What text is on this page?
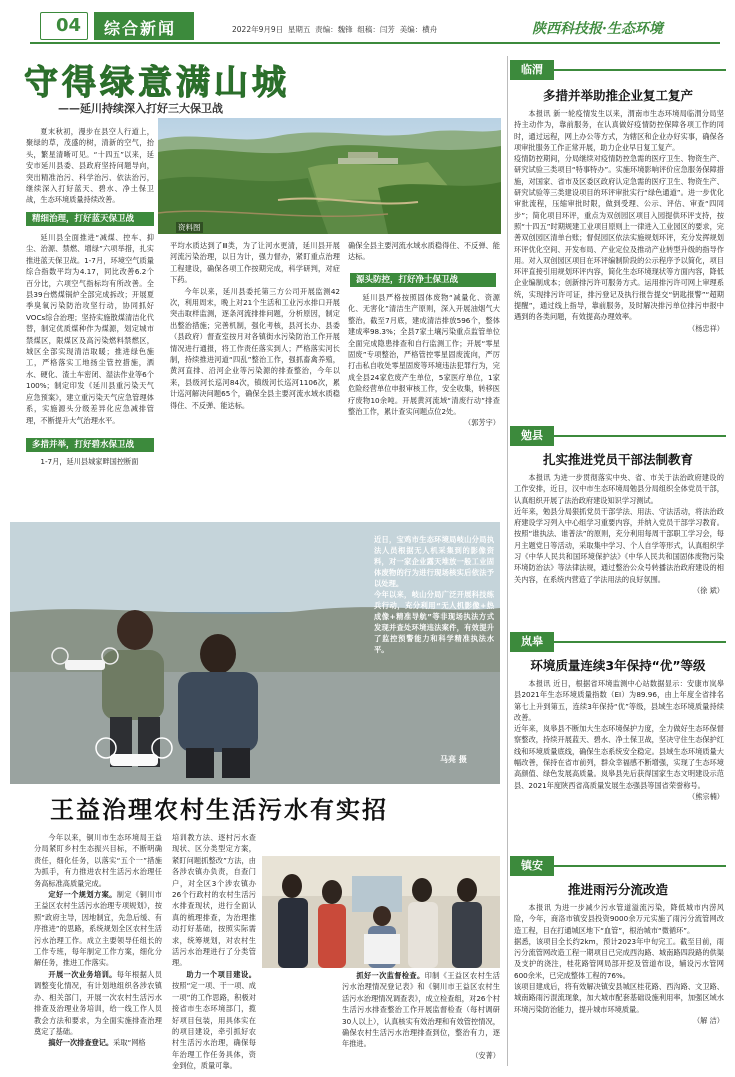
04 综合新闻	2022年9月9日  星期五  责编：魏锋  组稿：闫芳  美编：横舟	陕西科技报·生态环境
守得绿意满山城
——延川持续深入打好三大保卫战
资料图

夏末秋初，漫步在县空人行道上，聚绿的草，茂盛的树，清新的空气，抬头，繁星清晰可见。“十四五”以来，延安市延川县委、县政府坚持问题导向，突出精准治污、科学治污、依法治污，继续深入打好蓝天、碧水、净土保卫战，生态环境质量持续改善。

精细治理，打好蓝天保卫战

延川县全面推进“减煤、控车、抑尘、治源、禁燃、增绿”六项举措，扎实推进蓝天保卫战。1-7月，环境空气质量综合指数平均为4.17，同比改善6.2个百分比，六项空气指标均有所改善。全县39台燃煤锅炉全部完成拆改；开展夏季臭氧污染防治攻坚行动，协同抓好VOCs综合治理；坚持实施散煤清洁化代替，制定优质煤种作为煤源，划定城市禁煤区，限煤区及高污染燃料禁燃区，城区全部实现清洁取暖；推进绿色施工，严格落实工地扬尘管控措施，洒水、硬化、渣土车密闭、湿法作业等6个100%；制定印发《延川县重污染天气应急预案》，建立重污染天气应急管理体系，实施源头分级差异化应急减排管理，不断提升大气治理水平。

多措并举，打好碧水保卫战

1-7月，延川县城家畔国控断面

平均水质达到了Ⅲ类，为了让河水更清，延川县开展河流污染治理，以日为计，强力督办，紧盯重点治理工程建设，确保各项工作按期完成，科学研判，对症下药。

今年以来，延川县委托第三方公司开展监测42次，利用周末，晚上对21个生活和工业污水排口开展突击取样监测，逐条河流排排问题，分析原因，制定出整治措施；完善机制，强化考核，县河长办、县委（县政府）督查室按月对各镇街水污染防治工作开展情况进行通报，将工作责任落实到人；严格落实河长制，持续推进河道“四乱”整治工作，强抓畜禽养殖，黄河直排、沿河企业等污染源的排查整治，今年以来，县级河长巡河84次，镇级河长巡河1106次，累计巡河解决问题65个，确保全县主要河流水域水质稳得住、不反弹、能达标。

确保全县主要河流水域水质稳得住、不反弹、能达标。

源头防控，打好净土保卫战

延川县严格按照固体废物“减量化、资源化、无害化”清洁生产原则，深入开展油烟气大整治，截至7月底，建成清洁排放596个，整体建成率98.3%；全县7家土壤污染重点监管单位全面完成隐患排查和自行监测工作；开展“零星固废”专项整治，严格管控零星固废流向，严厉打击私自收处零星固废等环境违法犯罪行为，完成全县24家危废产生单位，5家医疗单位，1家危险经营单位申报审核工作，安全收集，转移医疗废物10余吨。开展黄河流域“清废行动”排查整治工作，累计查实问题点位2处。

（郭芳宇）
近日，宝鸡市生态环境局岐山分局执法人员根据无人机采集到的影像资料，对一家企业露天堆放一般工业固体废物的行为进行现场核实后依法予以处理。
今年以来，岐山分局广泛开展科技练兵行动，充分利用“无人机影像+热成像+精准导航”等非现场执法方式发现并查处环境违法案件，有效提升了监控预警能力和科学精准执法水平。
马亮 摄
王益治理农村生活污水有实招

今年以来，铜川市生态环境局王益分局紧盯乡村生态振兴目标，不断明确责任，细化任务，以落实“五个一”措施为抓手，有力推进农村生活污水治理任务高标准高质量完成。

定好一个规划方案。制定《铜川市王益区农村生活污水治理专项规划》，按照“政府主导，因地制宜，先急后缓、有序推进”的思路，系统规划全区农村生活污水治理工作。成立主要领导任组长的工作专班，每年制定工作方案，细化分解任务，推进工作落实。

开展一次业务培训。每年根据人员调整变化情况，有计划地组织各涉农镇办、相关部门，开展一次农村生活污水排查及治理业务培训，给一线工作人员教会方法和要求，为全面实施排查治理奠定了基础。

搞好一次排查登记。采取“网格

培训教方法、逐村污水查现状、区分类型定方案，紧盯问题抓整改”方法，由各涉农镇办负责，自查门户，对全区3个涉农镇办26个行政村的农村生活污水排查现状，进行全面认真的梳理排查，为治理推动打好基础，按照实际需求，统筹规划，对农村生活污水治理进行了分类管理。

助力一个项目建设。按照“定一项、干一项、成一项”的工作思路，积极对接省市生态环境部门，揽好项目包装，用具体实在的项目建设，牵引抓好农村生活污水治理，确保每年治理工作任务具体，资金到位，质量可靠。

抓好一次监督检查。印制《王益区农村生活污水治理情况登记表》和《铜川市王益区农村生活污水治理情况调查表》，成立检查组，对26个村生活污水排查整治工作开展监督检查（每村调研30人以上），认真核实有效治理和有效管控情况，确保农村生活污水治理排查到位，整治有力，逐年推进。

（安菁）
临渭
多措并举助推企业复工复产

本报讯 新一轮疫情发生以来，渭南市生态环境局临渭分局坚持主动作为，靠前服务，在认真做好疫情防控保障各项工作的同时，通过远程，网上办公等方式，为辖区和企业办好实事，确保各项审批服务工作正常开展，助力企业早日复工复产。
疫情防控期间，分局继续对疫情防控急需的医疗卫生、物资生产、研究试验三类项目“特事特办”。实施环境影响评价应急服务保障措施，对国家、省市及区委区政府认定急需的医疗卫生、物资生产、研究试验等三类建设项目的环评审批实行“绿色通道”。进一步优化审批流程，压缩审批时限，做到受理、公示、评估、审查“四同步”；简化项目环评，重点为双创园区项目入园提供环评支持，按照“十四五”时期规建工业项目原则上一律进入工业园区的要求，完善双创园区清单台账；督促园区依法实施规划环评，充分发挥规划环评优化空间、开发布局、产业定位及推动产业转型升级的指导作用。对入双创园区项目在环评编制阶段的公示程序予以简化，项目环评直接引用规划环评内容，简化生态环境现状等方面内容，降低企业编制成本；创新排污许可服务方式。运用排污许可网上审理系统，实现排污许可证，排污登记及执行报告提交“钥匙报警”“超期提醒”，通过线上指导，靠前服务，及时解决排污单位排污申报中遇到的各类问题，有效提高办理效率。

（杨忠祥）
勉县
扎实推进党员干部法制教育

本报讯 为进一步贯彻落实中央、省、市关于法治政府建设的工作安排，近日，汉中市生态环境局勉县分局组织全体党员干部，认真组织开展了法治政府建设知识学习测试。
近年来，勉县分局狠抓党员干部学法、用法、守法活动，将法治政府建设学习列入中心组学习重要内容，并纳入党员干部学习教育。按照“谁执法、谁普法”的原则，充分利用每周干部职工学习会，每月主题党日等活动，采取集中学习、个人自学等形式，认真组织学习《中华人民共和国环境保护法》《中华人民共和国固体废物污染环境防治法》等法律法规，通过整治公众号转播法治政府建设的相关内容，在系统内营造了学法用法的良好氛围。

（徐 斌）
岚皋
环境质量连续3年保持“优”等级

本报讯 近日，根据省环境监测中心站数据显示：安康市岚皋县2021年生态环境质量指数（EI）为89.96，由上年度全省排名第七上升到第五，连续3年保持“优”等级，县域生态环境质量持续改善。
近年来，岚皋县不断加大生态环境保护力度，全力做好生态环保督察整改，持续开展蓝天、碧水、净土保卫战，坚决守住生态保护红线和环境质量底线，确保生态系统安全稳定。县域生态环境质量大幅改善，保持在省市前列，群众幸福感不断增强，实现了生态环境高颜值、绿色发展高质量。岚皋县先后获得国家生态文明建设示范县、2021年度陕西省高质量发展生态强县等国省荣誉称号。

（熊宗楠）
镇安
推进雨污分流改造

本报讯 为进一步减少污水管道溢流污染，降低城市内涝风险，今年，商洛市镇安县投资9000余万元实施了雨污分流管网改造工程，目在打通城区地下“血管”，根治城市“微循环”。
据悉，该项目全长约2km，预计2023年中旬完工。截至目前，雨污分流管网改造工程一期项目已完成西沟路、城南路四段路的供渠及支护的浇注，桂花路管网局部开挖及管道布设，辅设污水管网600余米，已完成整体工程的76%。
该项目建成后，将有效解决镇安县城区桂花路、西沟路、文卫路、城南路雨污混流现象，加大城市配套基础设施利用率，加强区域水环境污染防治能力，提升城市环境质量。

（解 洁）
